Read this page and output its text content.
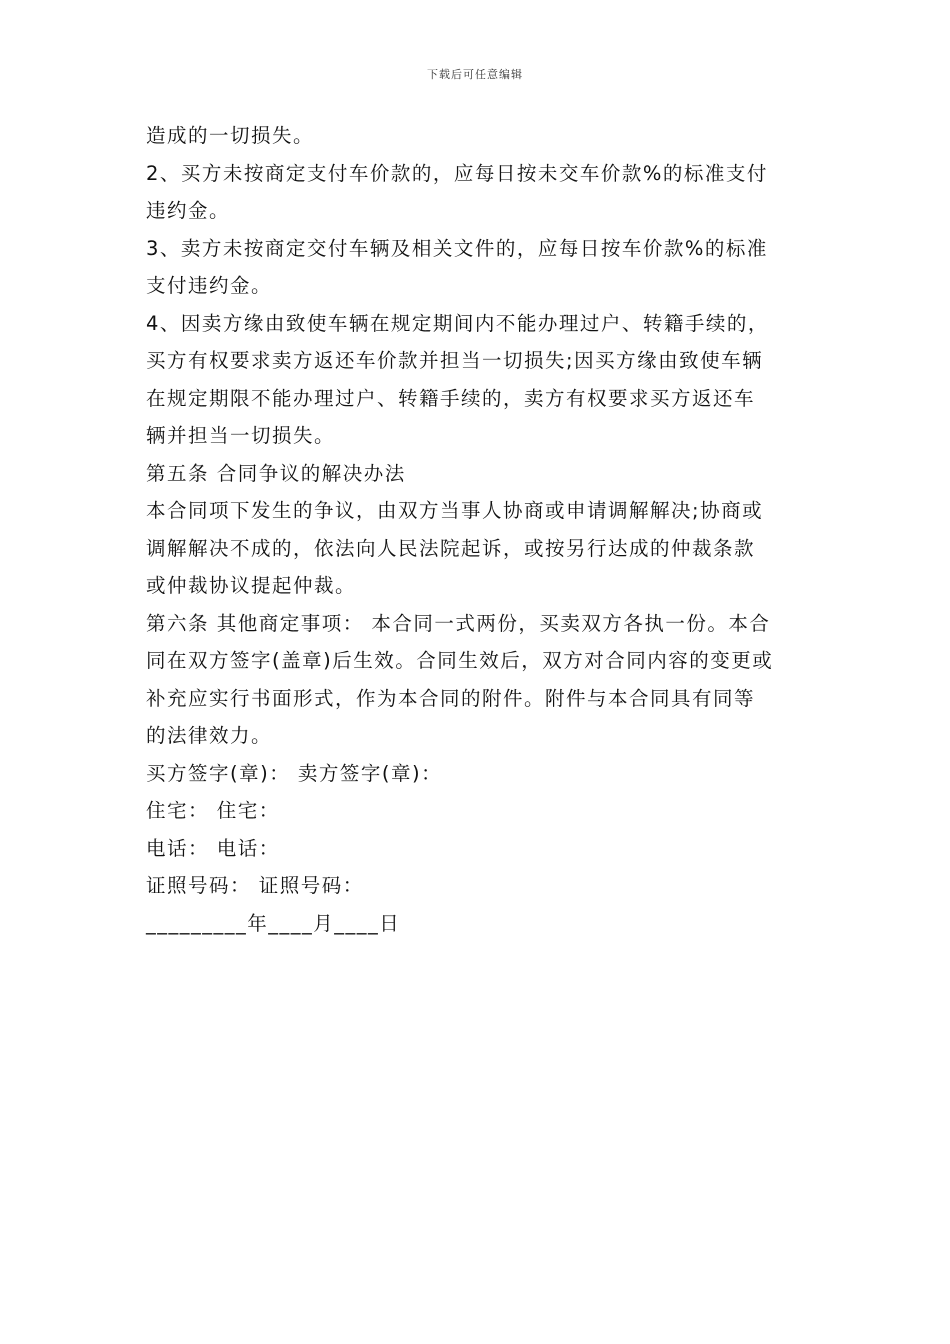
下载后可任意编辑
造成的一切损失。
2、买方未按商定支付车价款的，应每日按未交车价款%的标准支付
违约金。
3、卖方未按商定交付车辆及相关文件的，应每日按车价款%的标准
支付违约金。
4、因卖方缘由致使车辆在规定期间内不能办理过户、转籍手续的，
买方有权要求卖方返还车价款并担当一切损失;因买方缘由致使车辆
在规定期限不能办理过户、转籍手续的，卖方有权要求买方返还车
辆并担当一切损失。
第五条 合同争议的解决办法
本合同项下发生的争议，由双方当事人协商或申请调解解决;协商或
调解解决不成的，依法向人民法院起诉，或按另行达成的仲裁条款
或仲裁协议提起仲裁。
第六条 其他商定事项： 本合同一式两份，买卖双方各执一份。本合
同在双方签字(盖章)后生效。合同生效后，双方对合同内容的变更或
补充应实行书面形式，作为本合同的附件。附件与本合同具有同等
的法律效力。
买方签字(章)： 卖方签字(章)：
住宅： 住宅：
电话： 电话：
证照号码： 证照号码：
_________年____月____日
